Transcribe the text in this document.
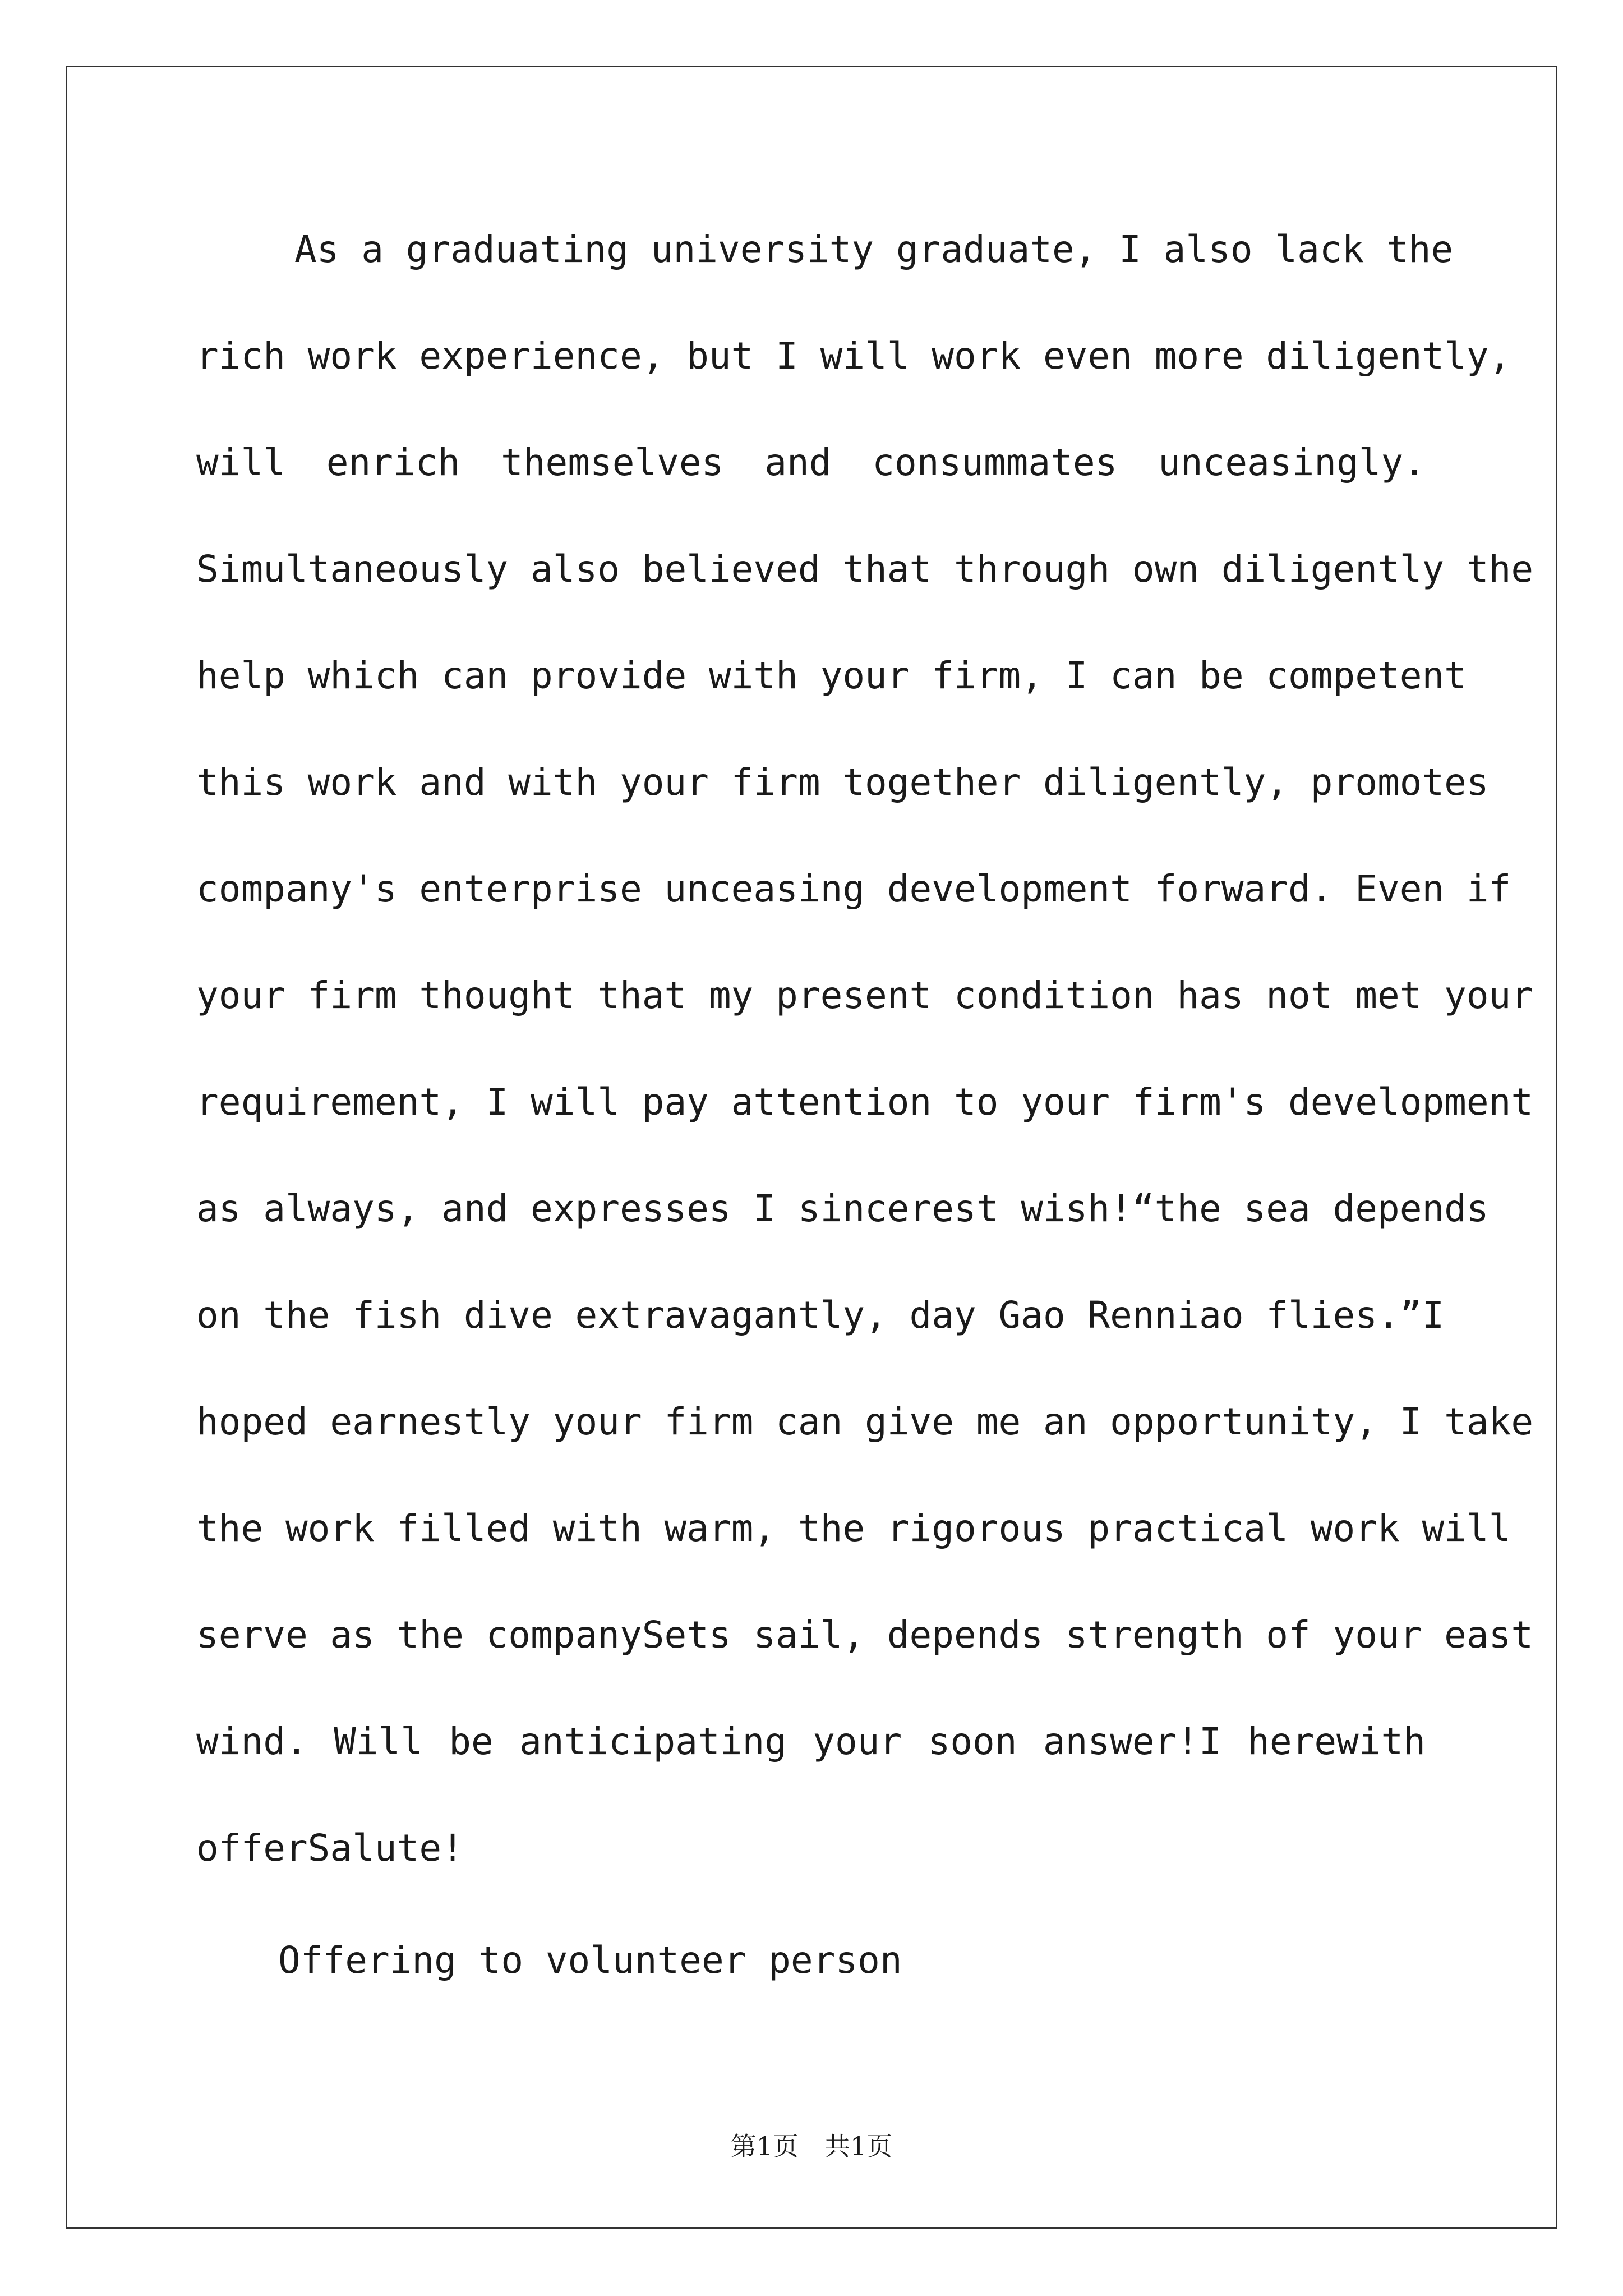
As a graduating university graduate, I also lack the
rich work experience, but I will work even more diligently,
will enrich themselves and consummates unceasingly.
Simultaneously also believed that through own diligently the
help which can provide with your firm, I can be competent
this work and with your firm together diligently, promotes
company's enterprise unceasing development forward. Even if
your firm thought that my present condition has not met your
requirement, I will pay attention to your firm's development
as always, and expresses I sincerest wish!“the sea depends
on the fish dive extravagantly, day Gao Renniao flies.”I
hoped earnestly your firm can give me an opportunity, I take
the work filled with warm, the rigorous practical work will
serve as the companySets sail, depends strength of your east
wind. Will be anticipating your soon answer!I herewith
offerSalute!
Offering to volunteer person
第1页 共1页
